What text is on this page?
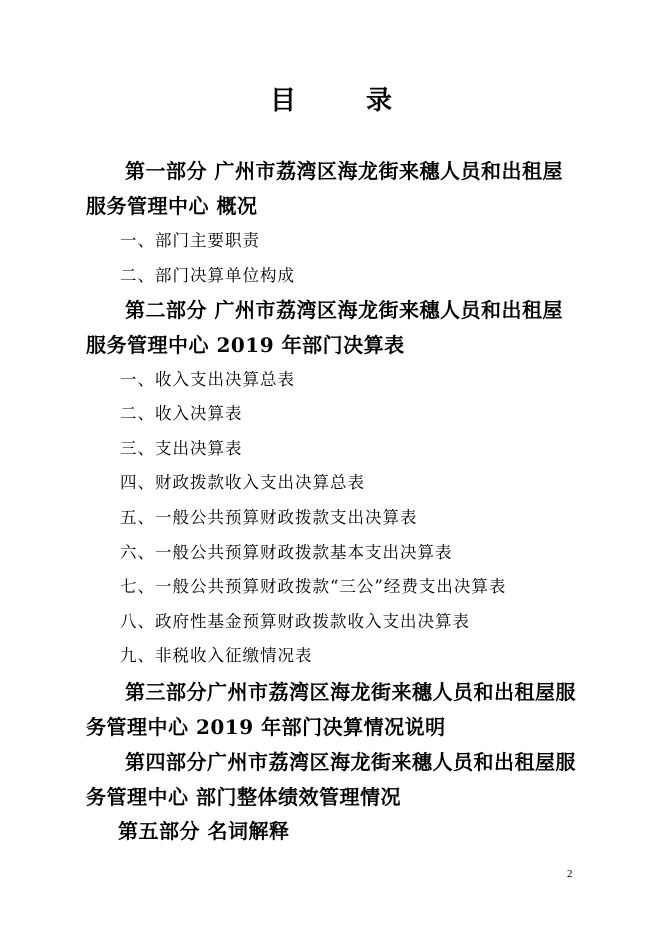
目录
第一部分 广州市荔湾区海龙街来穗人员和出租屋
服务管理中心 概况
一、部门主要职责
二、部门决算单位构成
第二部分 广州市荔湾区海龙街来穗人员和出租屋
服务管理中心 2019 年部门决算表
一、收入支出决算总表
二、收入决算表
三、支出决算表
四、财政拨款收入支出决算总表
五、一般公共预算财政拨款支出决算表
六、一般公共预算财政拨款基本支出决算表
七、一般公共预算财政拨款“三公”经费支出决算表
八、政府性基金预算财政拨款收入支出决算表
九、非税收入征缴情况表
第三部分广州市荔湾区海龙街来穗人员和出租屋服
务管理中心 2019 年部门决算情况说明
第四部分广州市荔湾区海龙街来穗人员和出租屋服
务管理中心 部门整体绩效管理情况
第五部分 名词解释
2
